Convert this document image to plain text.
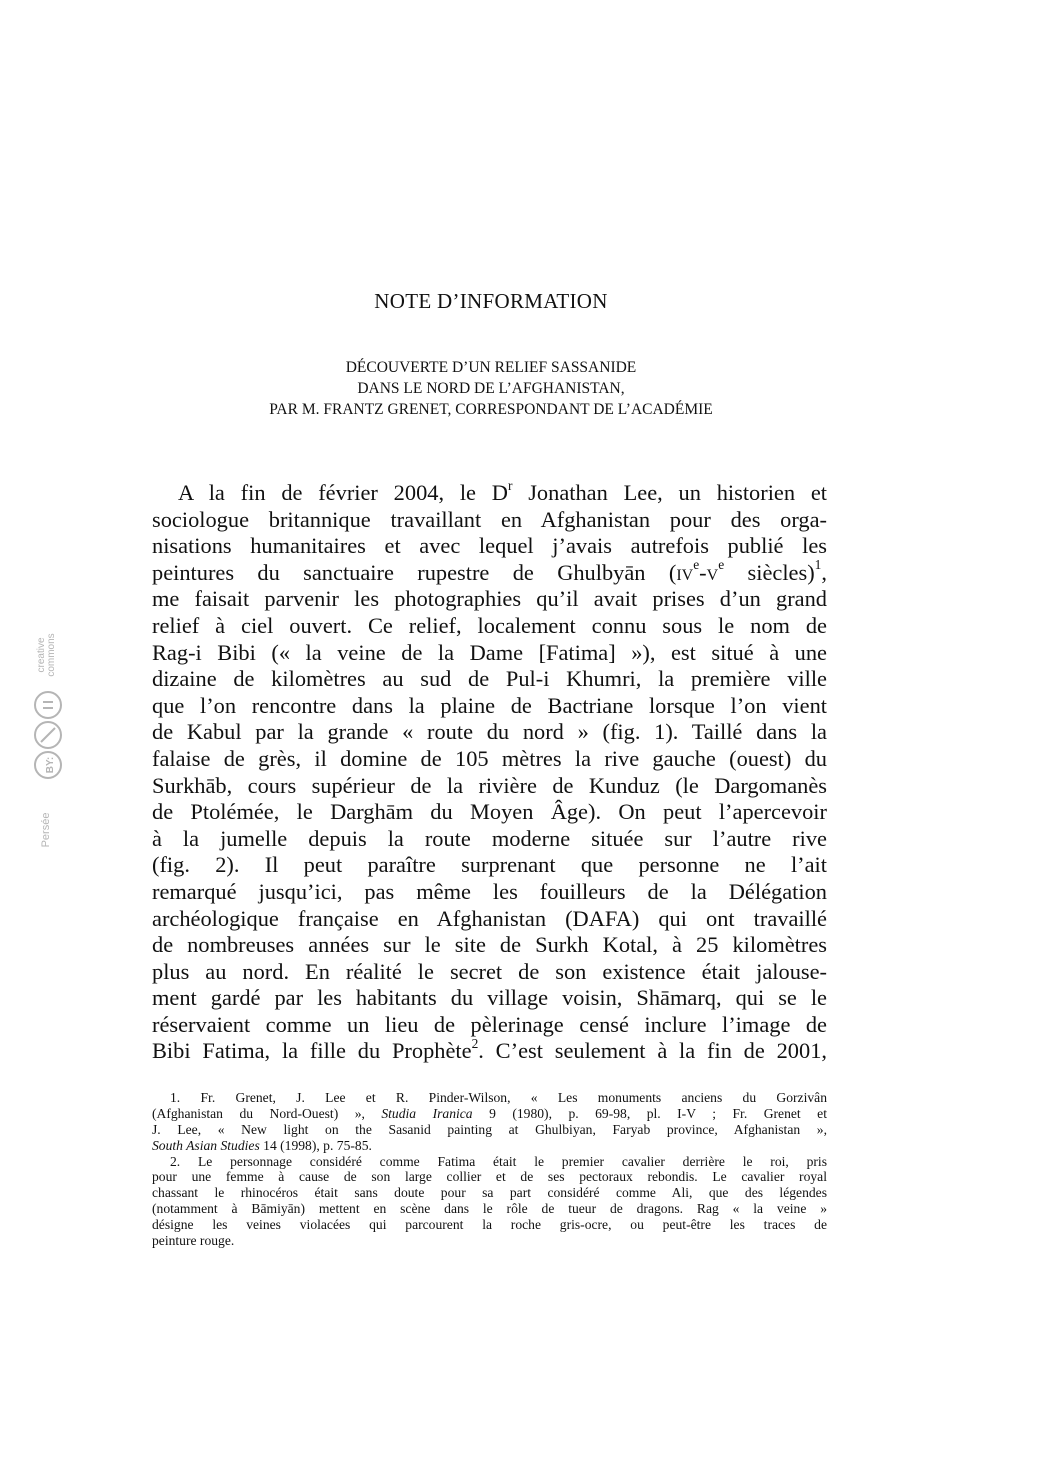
NOTE D’INFORMATION
DÉCOUVERTE D’UN RELIEF SASSANIDE
DANS LE NORD DE L’AFGHANISTAN,
PAR M. FRANTZ GRENET, CORRESPONDANT DE L’ACADÉMIE
A la fin de février 2004, le $D^r$ Jonathan Lee, un historien et
sociologue britannique travaillant en Afghanistan pour des orga-
nisations humanitaires et avec lequel j’avais autrefois publié les
peintures du sanctuaire rupestre de Ghulbyān ($iv^e-v^e$ siècles)$^1$,
me faisait parvenir les photographies qu’il avait prises d’un grand
relief à ciel ouvert. Ce relief, localement connu sous le nom de
Rag-i Bibi (« la veine de la Dame [Fatima] »), est situé à une
dizaine de kilomètres au sud de Pul-i Khumri, la première ville
que l’on rencontre dans la plaine de Bactriane lorsque l’on vient
de Kabul par la grande « route du nord » (fig. 1). Taillé dans la
falaise de grès, il domine de 105 mètres la rive gauche (ouest) du
Surkhāb, cours supérieur de la rivière de Kunduz (le Dargomanès
de Ptolémée, le Darghām du Moyen Âge). On peut l’apercevoir
à la jumelle depuis la route moderne située sur l’autre rive
(fig. 2). Il peut paraître surprenant que personne ne l’ait
remarqué jusqu’ici, pas même les fouilleurs de la Délégation
archéologique française en Afghanistan (DAFA) qui ont travaillé
de nombreuses années sur le site de Surkh Kotal, à 25 kilomètres
plus au nord. En réalité le secret de son existence était jalouse-
ment gardé par les habitants du village voisin, Shāmarq, qui se le
réservaient comme un lieu de pèlerinage censé inclure l’image de
Bibi Fatima, la fille du Prophète$^2$. C’est seulement à la fin de 2001,
1. Fr. Grenet, J. Lee et R. Pinder-Wilson, « Les monuments anciens du Gorzivân
(Afghanistan du Nord-Ouest) », Studia Iranica 9 (1980), p. 69-98, pl. I-V ; Fr. Grenet et
J. Lee, « New light on the Sasanid painting at Ghulbiyan, Faryab province, Afghanistan »,
South Asian Studies 14 (1998), p. 75-85.
2. Le personnage considéré comme Fatima était le premier cavalier derrière le roi, pris
pour une femme à cause de son large collier et de ses pectoraux rebondis. Le cavalier royal
chassant le rhinocéros était sans doute pour sa part considéré comme Ali, que des légendes
(notamment à Bāmiyān) mettent en scène dans le rôle de tueur de dragons. Rag « la veine »
désigne les veines violacées qui parcourent la roche gris-ocre, ou peut-être les traces de
peinture rouge.
BY:
creative commons
Persée
